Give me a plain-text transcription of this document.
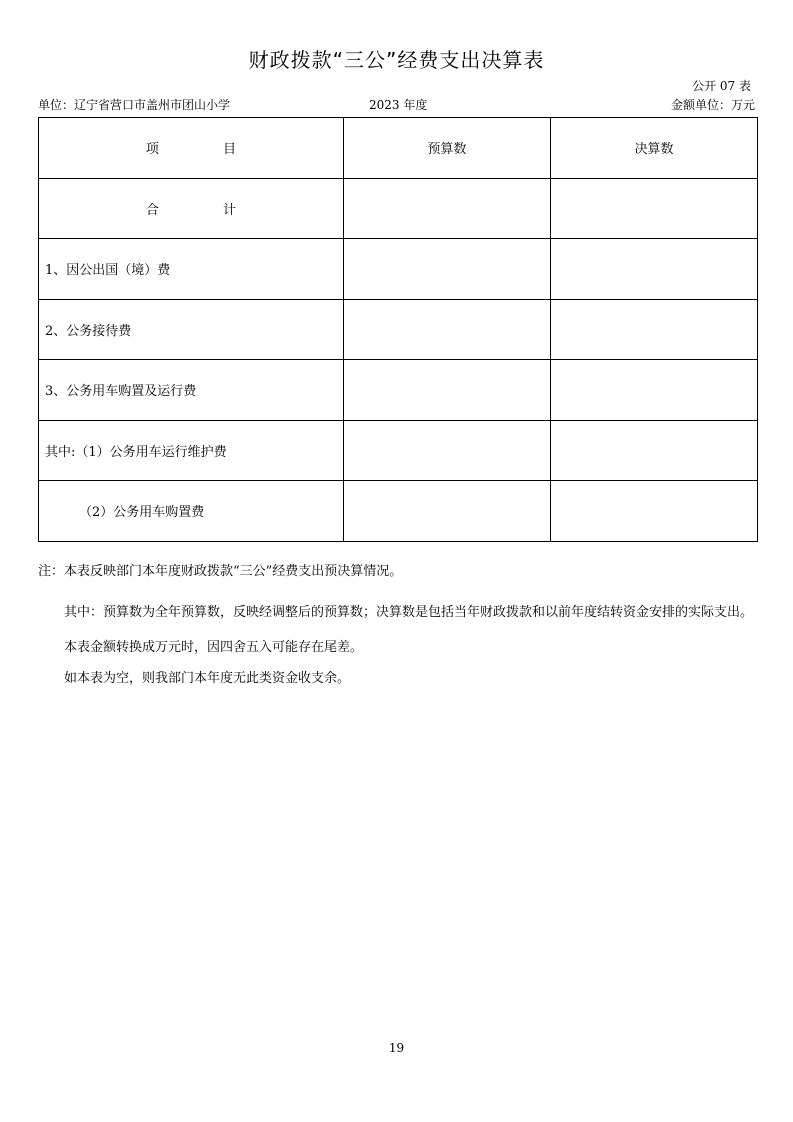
财政拨款“三公”经费支出决算表
公开 07 表
单位：辽宁省营口市盖州市团山小学	2023 年度	金额单位：万元
项 目	预算数	决算数
合 计		
1、因公出国（境）费		
2、公务接待费		
3、公务用车购置及运行费		
其中:（1）公务用车运行维护费		
（2）公务用车购置费		

注：本表反映部门本年度财政拨款“三公”经费支出预决算情况。

其中：预算数为全年预算数，反映经调整后的预算数；决算数是包括当年财政拨款和以前年度结转资金安排的实际支出。

本表金额转换成万元时，因四舍五入可能存在尾差。

如本表为空，则我部门本年度无此类资金收支余。

19
